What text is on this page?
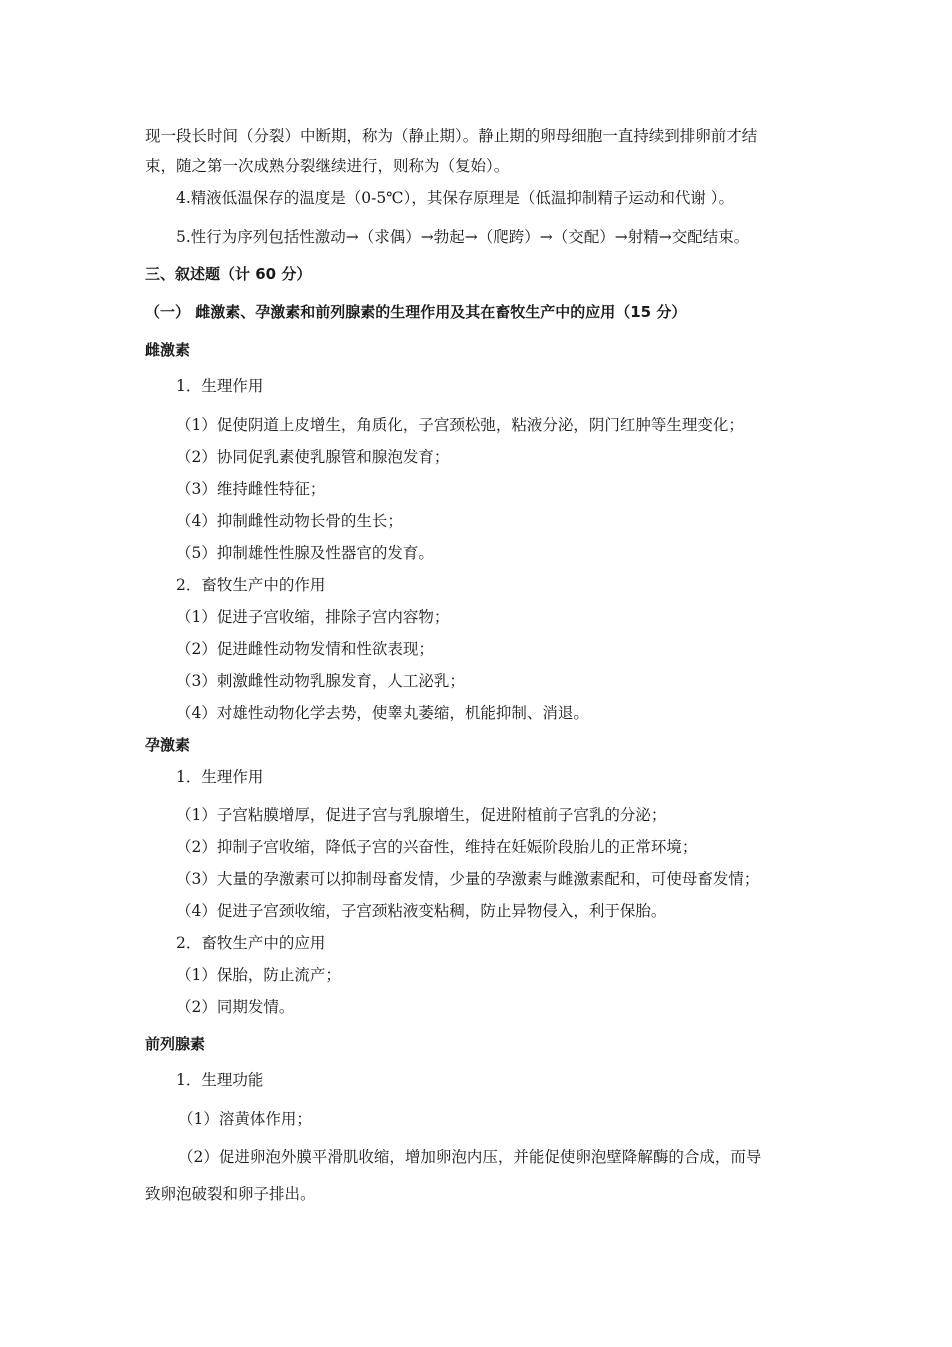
现一段长时间（分裂）中断期，称为（静止期）。静止期的卵母细胞一直持续到排卵前才结
束，随之第一次成熟分裂继续进行，则称为（复始）。
4.精液低温保存的温度是（0-5℃），其保存原理是（低温抑制精子运动和代谢 ）。
5.性行为序列包括性激动→（求偶）→勃起→（爬跨）→（交配）→射精→交配结束。
三、叙述题（计 60 分）
（一） 雌激素、孕激素和前列腺素的生理作用及其在畜牧生产中的应用（15 分）
雌激素
1．生理作用
（1）促使阴道上皮增生，角质化，子宫颈松弛，粘液分泌，阴门红肿等生理变化；
（2）协同促乳素使乳腺管和腺泡发育；
（3）维持雌性特征；
（4）抑制雌性动物长骨的生长；
（5）抑制雄性性腺及性器官的发育。
2．畜牧生产中的作用
（1）促进子宫收缩，排除子宫内容物；
（2）促进雌性动物发情和性欲表现；
（3）刺激雌性动物乳腺发育，人工泌乳；
（4）对雄性动物化学去势，使睾丸萎缩，机能抑制、消退。
孕激素
1．生理作用
（1）子宫粘膜增厚，促进子宫与乳腺增生，促进附植前子宫乳的分泌；
（2）抑制子宫收缩，降低子宫的兴奋性，维持在妊娠阶段胎儿的正常环境；
（3）大量的孕激素可以抑制母畜发情，少量的孕激素与雌激素配和，可使母畜发情；
（4）促进子宫颈收缩，子宫颈粘液变粘稠，防止异物侵入，利于保胎。
2．畜牧生产中的应用
（1）保胎，防止流产；
（2）同期发情。
前列腺素
1．生理功能
（1）溶黄体作用；
（2）促进卵泡外膜平滑肌收缩，增加卵泡内压，并能促使卵泡壁降解酶的合成，而导
致卵泡破裂和卵子排出。
